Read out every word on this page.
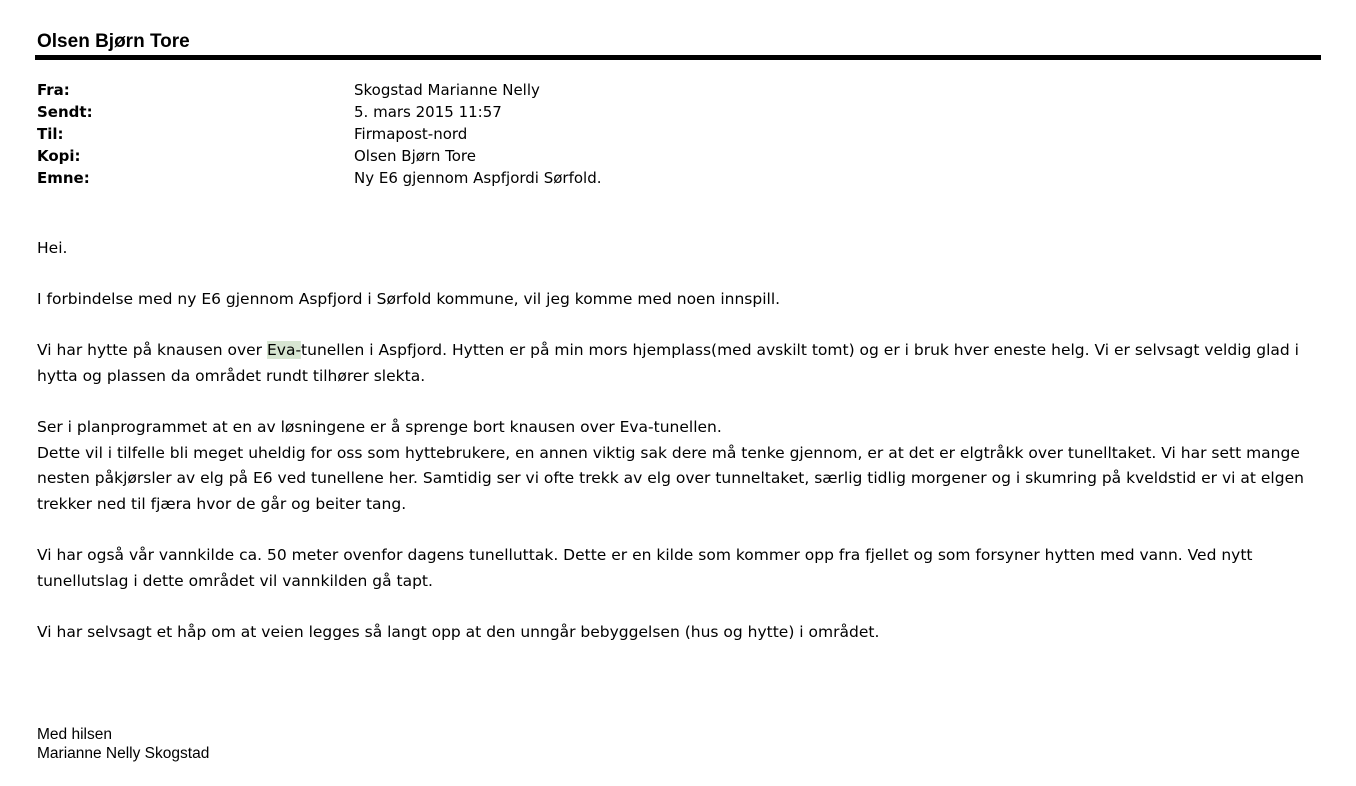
Olsen Bjørn Tore
Fra:	Skogstad Marianne Nelly
Sendt:	5. mars 2015 11:57
Til:	Firmapost-nord
Kopi:	Olsen Bjørn Tore
Emne:	Ny E6 gjennom Aspfjordi Sørfold.

Hei.

I forbindelse med ny E6 gjennom Aspfjord i Sørfold kommune, vil jeg komme med noen innspill.

Vi har hytte på knausen over Eva-tunellen i Aspfjord. Hytten er på min mors hjemplass(med avskilt tomt) og er i bruk hver eneste helg. Vi er selvsagt veldig glad i hytta og plassen da området rundt tilhører slekta.

Ser i planprogrammet at en av løsningene er å sprenge bort knausen over Eva-tunellen.
Dette vil i tilfelle bli meget uheldig for oss som hyttebrukere, en annen viktig sak dere må tenke gjennom, er at det er elgtråkk over tunelltaket. Vi har sett mange nesten påkjørsler av elg på E6 ved tunellene her. Samtidig ser vi ofte trekk av elg over tunneltaket, særlig tidlig morgener og i skumring på kveldstid er vi at elgen trekker ned til fjæra hvor de går og beiter tang.

Vi har også vår vannkilde ca. 50 meter ovenfor dagens tunelluttak. Dette er en kilde som kommer opp fra fjellet og som forsyner hytten med vann. Ved nytt tunellutslag i dette området vil vannkilden gå tapt.

Vi har selvsagt et håp om at veien legges så langt opp at den unngår bebyggelsen (hus og hytte) i området.

Med hilsen
Marianne Nelly Skogstad
